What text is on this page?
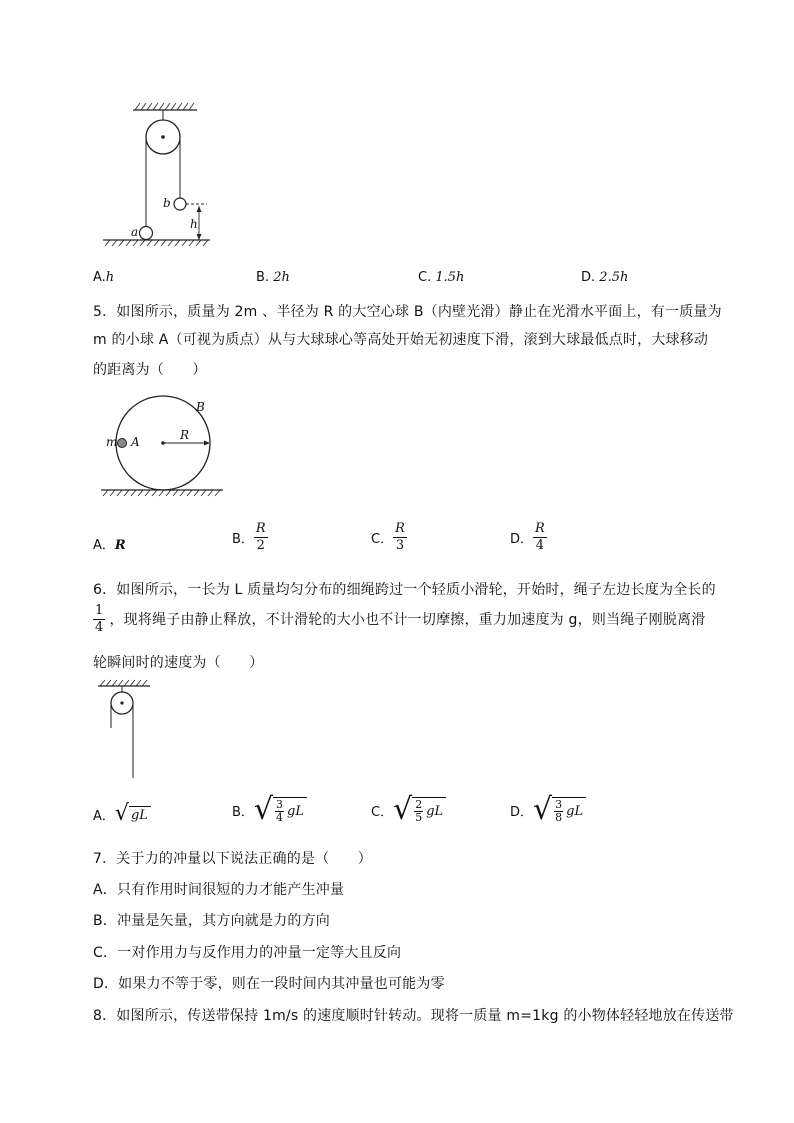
b
a
h
A.h	B. 2h	C. 1.5h	D. 2.5h
5．如图所示，质量为 2m 、半径为 R 的大空心球 B（内壁光滑）静止在光滑水平面上，有一质量为
m 的小球 A（可视为质点）从与大球球心等高处开始无初速度下滑，滚到大球最低点时，大球移动
的距离为（　　）
m A
B
R
A．R	B． $\frac{R}{2}$	C． $\frac{R}{3}$	D． $\frac{R}{4}$
6．如图所示，一长为 L 质量均匀分布的细绳跨过一个轻质小滑轮，开始时，绳子左边长度为全长的
$\frac{1}{4}$ ，现将绳子由静止释放，不计滑轮的大小也不计一切摩擦，重力加速度为 g，则当绳子刚脱离滑
轮瞬间时的速度为（　　）
A． √ gL	B． √ 3
4 gL	C． √ 2
5 gL	D． √ 3
8 gL
7．关于力的冲量以下说法正确的是（　　）
A．只有作用时间很短的力才能产生冲量
B．冲量是矢量，其方向就是力的方向
C．一对作用力与反作用力的冲量一定等大且反向
D．如果力不等于零，则在一段时间内其冲量也可能为零
8．如图所示，传送带保持 1m/s 的速度顺时针转动。现将一质量 m=1kg 的小物体轻轻地放在传送带
